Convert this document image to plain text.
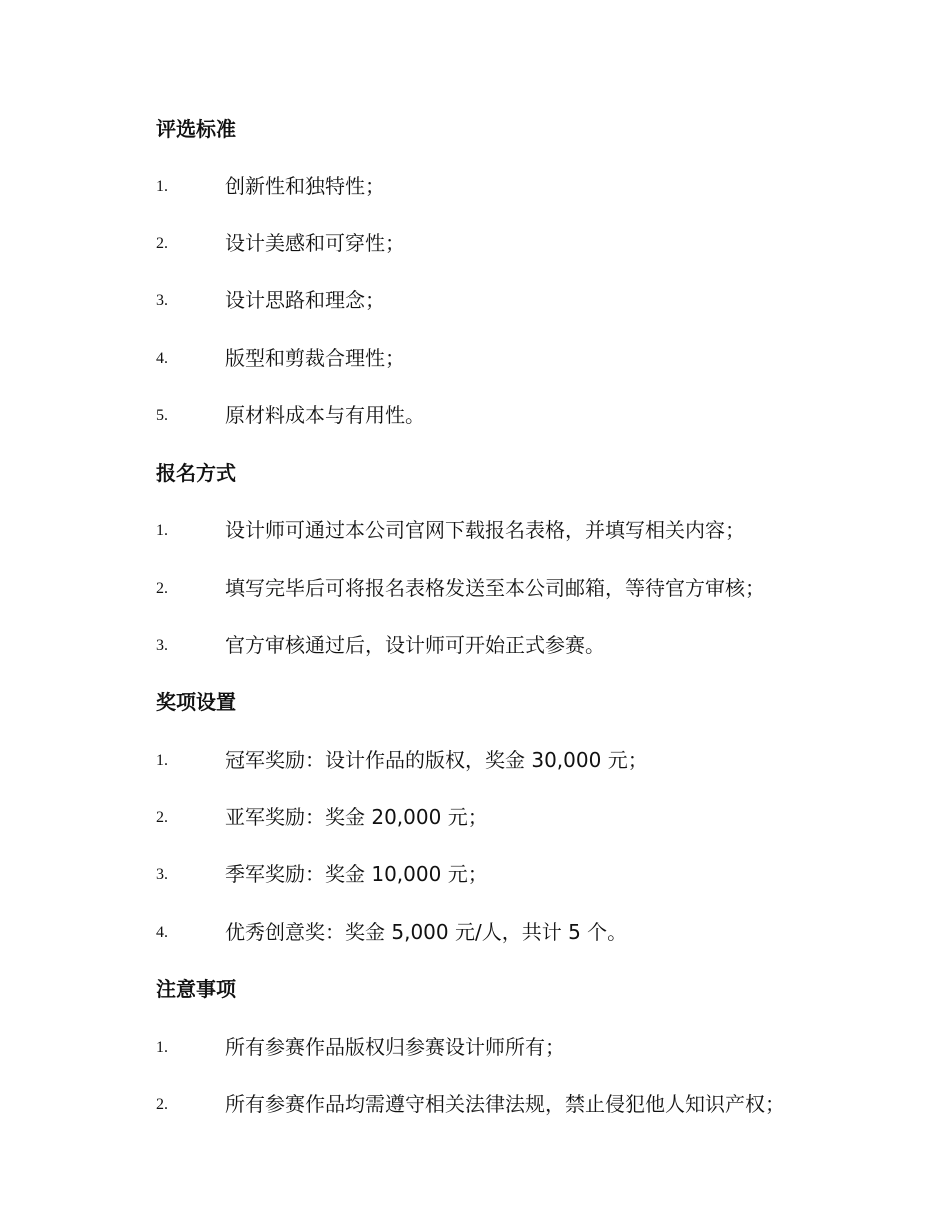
评选标准
1.	创新性和独特性；
2.	设计美感和可穿性；
3.	设计思路和理念；
4.	版型和剪裁合理性；
5.	原材料成本与有用性。
报名方式
1.	设计师可通过本公司官网下载报名表格，并填写相关内容；
2.	填写完毕后可将报名表格发送至本公司邮箱，等待官方审核；
3.	官方审核通过后，设计师可开始正式参赛。
奖项设置
1.	冠军奖励：设计作品的版权，奖金 30,000 元；
2.	亚军奖励：奖金 20,000 元；
3.	季军奖励：奖金 10,000 元；
4.	优秀创意奖：奖金 5,000 元/人，共计 5 个。
注意事项
1.	所有参赛作品版权归参赛设计师所有；
2.	所有参赛作品均需遵守相关法律法规，禁止侵犯他人知识产权；
